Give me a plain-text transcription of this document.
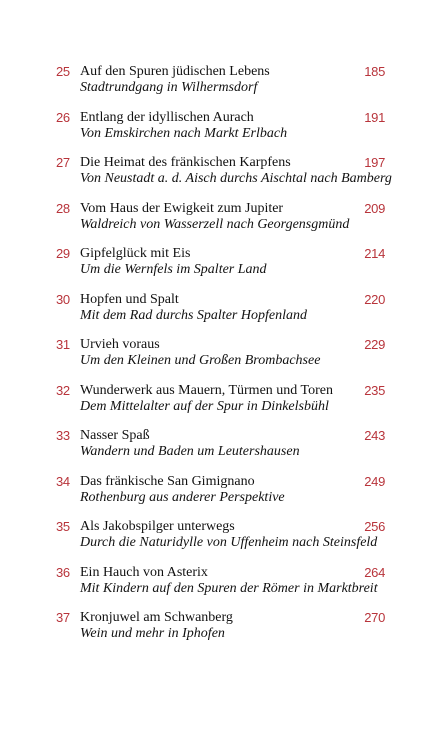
25 Auf den Spuren jüdischen Lebens
Stadtrundgang in Wilhermsdorf
185
26 Entlang der idyllischen Aurach
Von Emskirchen nach Markt Erlbach
191
27 Die Heimat des fränkischen Karpfens
Von Neustadt a. d. Aisch durchs Aischtal nach Bamberg
197
28 Vom Haus der Ewigkeit zum Jupiter
Waldreich von Wasserzell nach Georgensgmünd
209
29 Gipfelglück mit Eis
Um die Wernfels im Spalter Land
214
30 Hopfen und Spalt
Mit dem Rad durchs Spalter Hopfenland
220
31 Urvieh voraus
Um den Kleinen und Großen Brombachsee
229
32 Wunderwerk aus Mauern, Türmen und Toren
Dem Mittelalter auf der Spur in Dinkelsbühl
235
33 Nasser Spaß
Wandern und Baden um Leutershausen
243
34 Das fränkische San Gimignano
Rothenburg aus anderer Perspektive
249
35 Als Jakobspilger unterwegs
Durch die Naturidylle von Uffenheim nach Steinsfeld
256
36 Ein Hauch von Asterix
Mit Kindern auf den Spuren der Römer in Marktbreit
264
37 Kronjuwel am Schwanberg
Wein und mehr in Iphofen
270
